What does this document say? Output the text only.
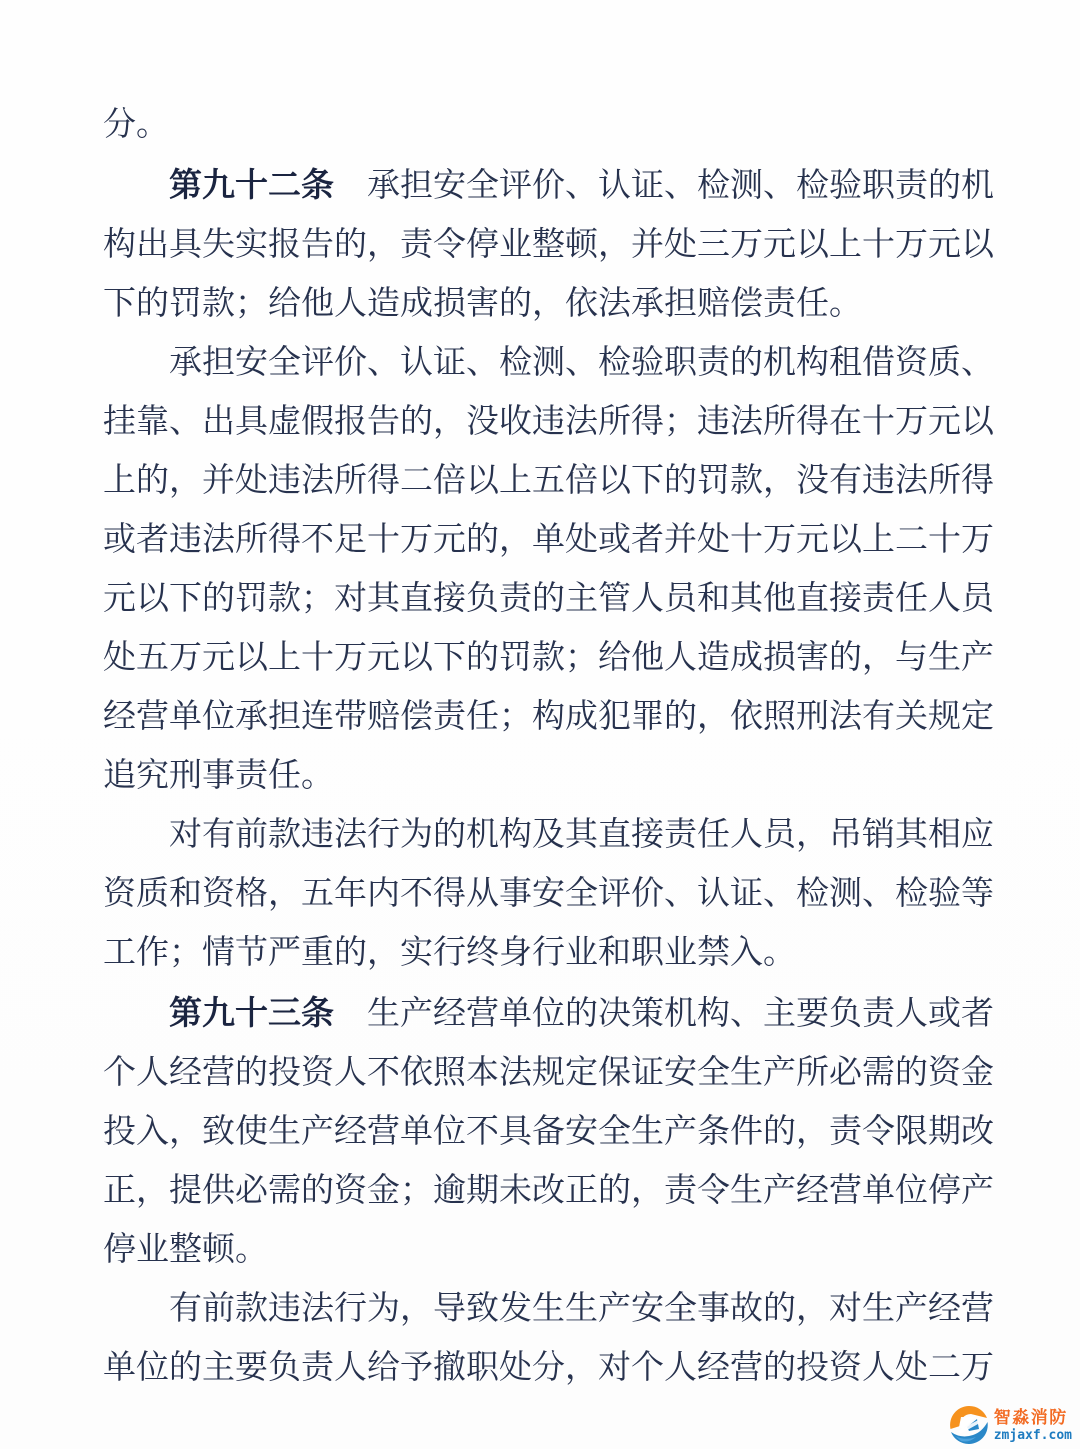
分。

第九十二条　承担安全评价、认证、检测、检验职责的机构出具失实报告的，责令停业整顿，并处三万元以上十万元以下的罚款；给他人造成损害的，依法承担赔偿责任。

承担安全评价、认证、检测、检验职责的机构租借资质、挂靠、出具虚假报告的，没收违法所得；违法所得在十万元以上的，并处违法所得二倍以上五倍以下的罚款，没有违法所得或者违法所得不足十万元的，单处或者并处十万元以上二十万元以下的罚款；对其直接负责的主管人员和其他直接责任人员处五万元以上十万元以下的罚款；给他人造成损害的，与生产经营单位承担连带赔偿责任；构成犯罪的，依照刑法有关规定追究刑事责任。

对有前款违法行为的机构及其直接责任人员，吊销其相应资质和资格，五年内不得从事安全评价、认证、检测、检验等工作；情节严重的，实行终身行业和职业禁入。

第九十三条　生产经营单位的决策机构、主要负责人或者个人经营的投资人不依照本法规定保证安全生产所必需的资金投入，致使生产经营单位不具备安全生产条件的，责令限期改正，提供必需的资金；逾期未改正的，责令生产经营单位停产停业整顿。

有前款违法行为，导致发生生产安全事故的，对生产经营单位的主要负责人给予撤职处分，对个人经营的投资人处二万

智淼消防
zmjaxf.com
